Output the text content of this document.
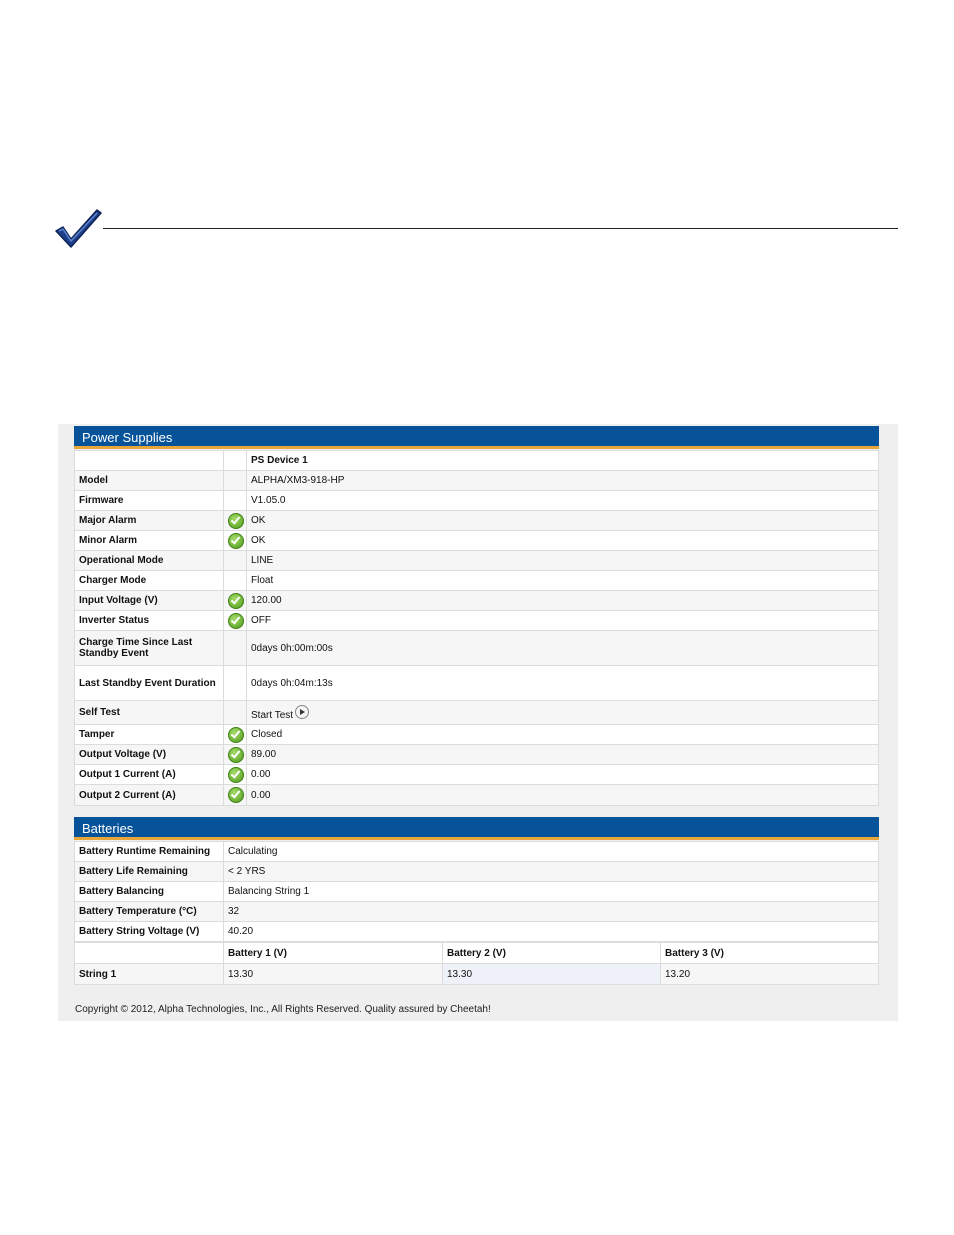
Power Supplies
		PS Device 1
Model		ALPHA/XM3-918-HP
Firmware		V1.05.0
Major Alarm		OK
Minor Alarm		OK
Operational Mode		LINE
Charger Mode		Float
Input Voltage (V)		120.00
Inverter Status		OFF
Charge Time Since Last Standby Event		0days 0h:00m:00s
Last Standby Event Duration		0days 0h:04m:13s
Self Test		Start Test
Tamper		Closed
Output Voltage (V)		89.00
Output 1 Current (A)		0.00
Output 2 Current (A)		0.00
Batteries
Battery Runtime Remaining	Calculating
Battery Life Remaining	< 2 YRS
Battery Balancing	Balancing String 1
Battery Temperature (°C)	32
Battery String Voltage (V)	40.20
	Battery 1 (V)	Battery 2 (V)	Battery 3 (V)
String 1	13.30	13.30	13.20
Copyright © 2012, Alpha Technologies, Inc., All Rights Reserved. Quality assured by Cheetah!
